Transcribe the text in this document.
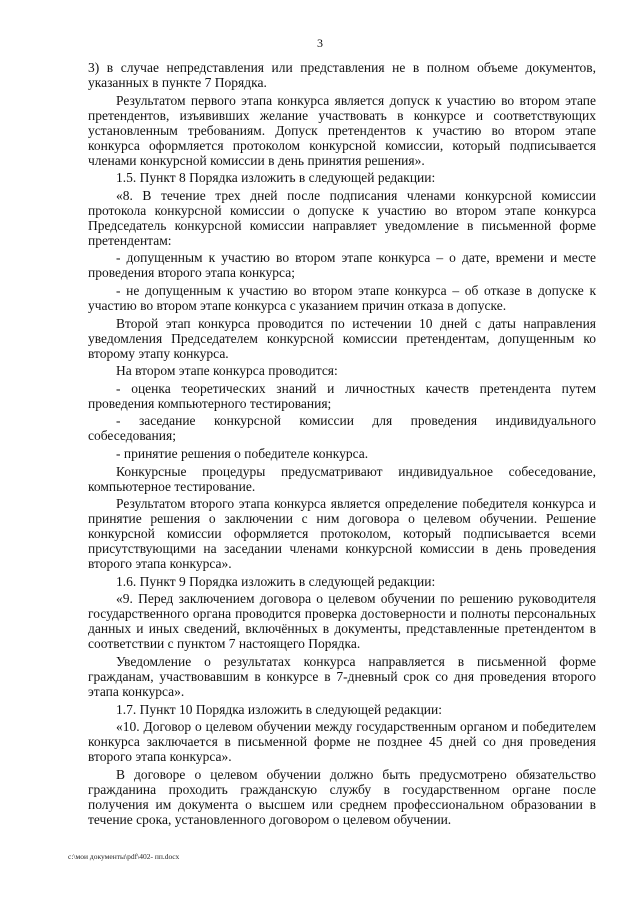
3

3) в случае непредставления или представления не в полном объеме документов, указанных в пункте 7 Порядка.

Результатом первого этапа конкурса является допуск к участию во втором этапе претендентов, изъявивших желание участвовать в конкурсе и соответствующих установленным требованиям. Допуск претендентов к участию во втором этапе конкурса оформляется протоколом конкурсной комиссии, который подписывается членами конкурсной комиссии в день принятия решения».

1.5. Пункт 8 Порядка изложить в следующей редакции:

«8. В течение трех дней после подписания членами конкурсной комиссии протокола конкурсной комиссии о допуске к участию во втором этапе конкурса Председатель конкурсной комиссии направляет уведомление в письменной форме претендентам:

- допущенным к участию во втором этапе конкурса – о дате, времени и месте проведения второго этапа конкурса;

- не допущенным к участию во втором этапе конкурса – об отказе в допуске к участию во втором этапе конкурса с указанием причин отказа в допуске.

Второй этап конкурса проводится по истечении 10 дней с даты направления уведомления Председателем конкурсной комиссии претендентам, допущенным ко второму этапу конкурса.

На втором этапе конкурса проводится:

- оценка теоретических знаний и личностных качеств претендента путем проведения компьютерного тестирования;

- заседание конкурсной комиссии для проведения индивидуального собеседования;

- принятие решения о победителе конкурса.

Конкурсные процедуры предусматривают индивидуальное собеседование, компьютерное тестирование.

Результатом второго этапа конкурса является определение победителя конкурса и принятие решения о заключении с ним договора о целевом обучении. Решение конкурсной комиссии оформляется протоколом, который подписывается всеми присутствующими на заседании членами конкурсной комиссии в день проведения второго этапа конкурса».

1.6. Пункт 9 Порядка изложить в следующей редакции:

«9. Перед заключением договора о целевом обучении по решению руководителя государственного органа проводится проверка достоверности и полноты персональных данных и иных сведений, включённых в документы, представленные претендентом в соответствии с пунктом 7 настоящего Порядка.

Уведомление о результатах конкурса направляется в письменной форме гражданам, участвовавшим в конкурсе в 7-дневный срок со дня проведения второго этапа конкурса».

1.7. Пункт 10 Порядка изложить в следующей редакции:

«10. Договор о целевом обучении между государственным органом и победителем конкурса заключается в письменной форме не позднее 45 дней со дня проведения второго этапа конкурса».

В договоре о целевом обучении должно быть предусмотрено обязательство гражданина проходить гражданскую службу в государственном органе после получения им документа о высшем или среднем профессиональном образовании в течение срока, установленного договором о целевом обучении.

c:\мои документы\pdf\402- пп.docx
